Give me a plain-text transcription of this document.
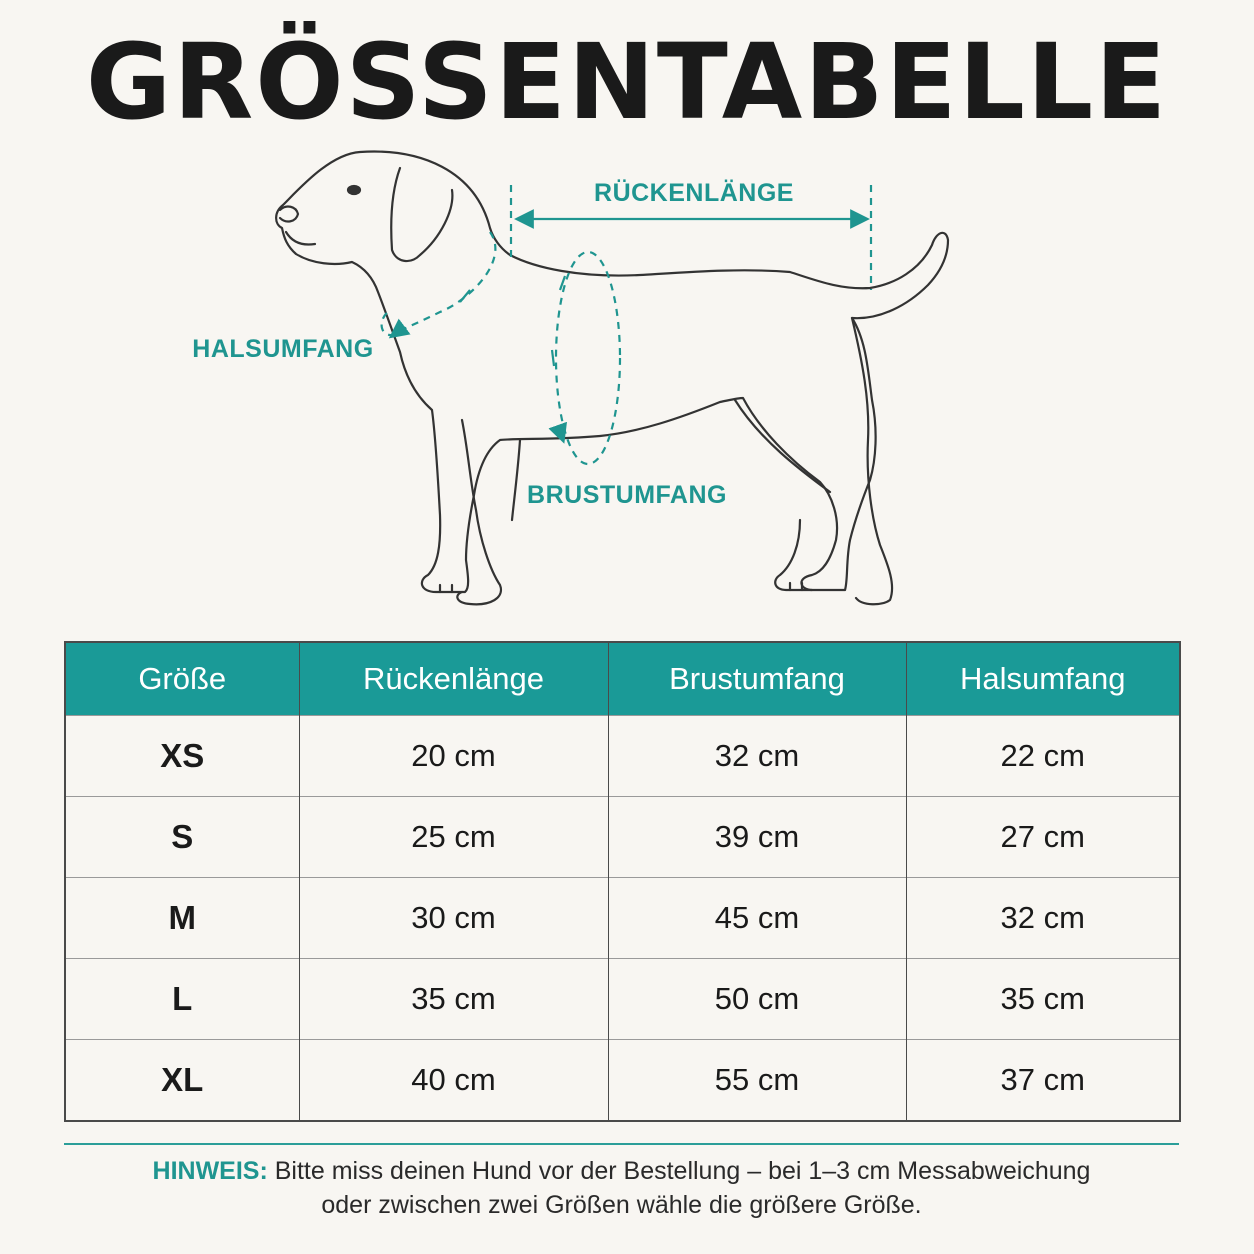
GRÖSSENTABELLE
RÜCKENLÄNGE
HALSUMFANG
BRUSTUMFANG
Größe	Rückenlänge	Brustumfang	Halsumfang
XS	20 cm	32 cm	22 cm
S	25 cm	39 cm	27 cm
M	30 cm	45 cm	32 cm
L	35 cm	50 cm	35 cm
XL	40 cm	55 cm	37 cm
HINWEIS: Bitte miss deinen Hund vor der Bestellung – bei 1–3 cm Messabweichung
oder zwischen zwei Größen wähle die größere Größe.
